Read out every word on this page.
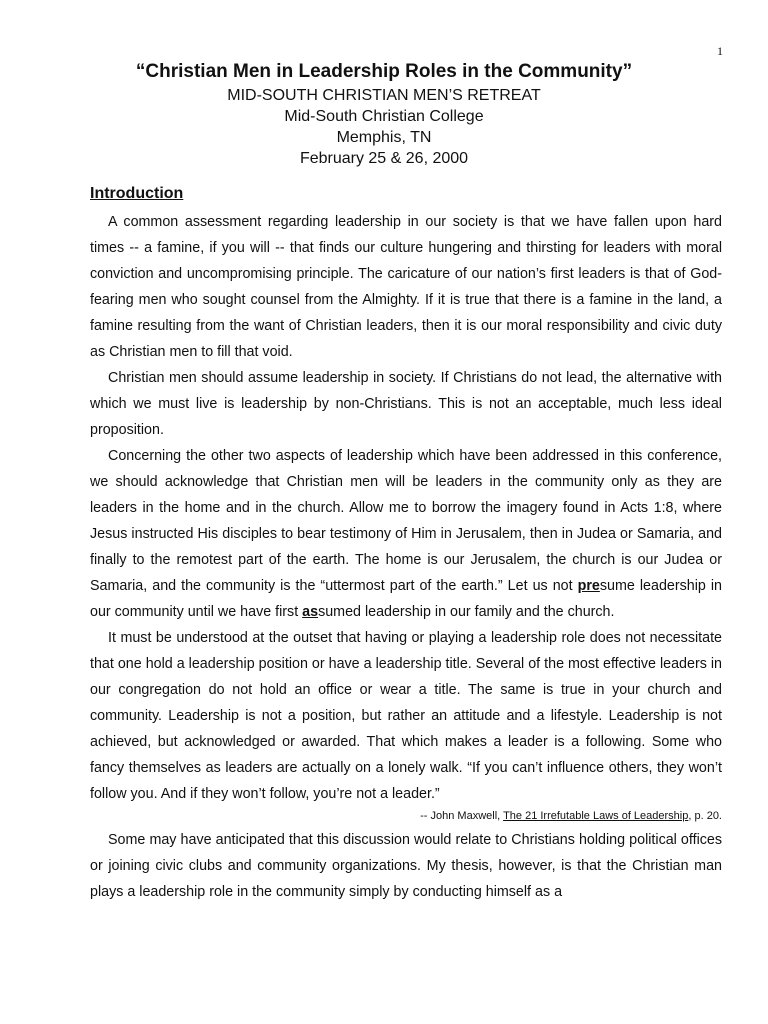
1
“Christian Men in Leadership Roles in the Community”
MID-SOUTH CHRISTIAN MEN’S RETREAT
Mid-South Christian College
Memphis, TN
February 25 & 26, 2000
Introduction

A common assessment regarding leadership in our society is that we have fallen upon hard times -- a famine, if you will -- that finds our culture hungering and thirsting for leaders with moral conviction and uncompromising principle. The caricature of our nation’s first leaders is that of God-fearing men who sought counsel from the Almighty. If it is true that there is a famine in the land, a famine resulting from the want of Christian leaders, then it is our moral responsibility and civic duty as Christian men to fill that void.

Christian men should assume leadership in society. If Christians do not lead, the alternative with which we must live is leadership by non-Christians. This is not an acceptable, much less ideal proposition.

Concerning the other two aspects of leadership which have been addressed in this conference, we should acknowledge that Christian men will be leaders in the community only as they are leaders in the home and in the church. Allow me to borrow the imagery found in Acts 1:8, where Jesus instructed His disciples to bear testimony of Him in Jerusalem, then in Judea or Samaria, and finally to the remotest part of the earth. The home is our Jerusalem, the church is our Judea or Samaria, and the community is the “uttermost part of the earth.” Let us not presume leadership in our community until we have first assumed leadership in our family and the church.

It must be understood at the outset that having or playing a leadership role does not necessitate that one hold a leadership position or have a leadership title. Several of the most effective leaders in our congregation do not hold an office or wear a title. The same is true in your church and community. Leadership is not a position, but rather an attitude and a lifestyle. Leadership is not achieved, but acknowledged or awarded. That which makes a leader is a following. Some who fancy themselves as leaders are actually on a lonely walk. “If you can’t influence others, they won’t follow you. And if they won’t follow, you’re not a leader.”

-- John Maxwell, The 21 Irrefutable Laws of Leadership, p. 20.

Some may have anticipated that this discussion would relate to Christians holding political offices or joining civic clubs and community organizations. My thesis, however, is that the Christian man plays a leadership role in the community simply by conducting himself as a
